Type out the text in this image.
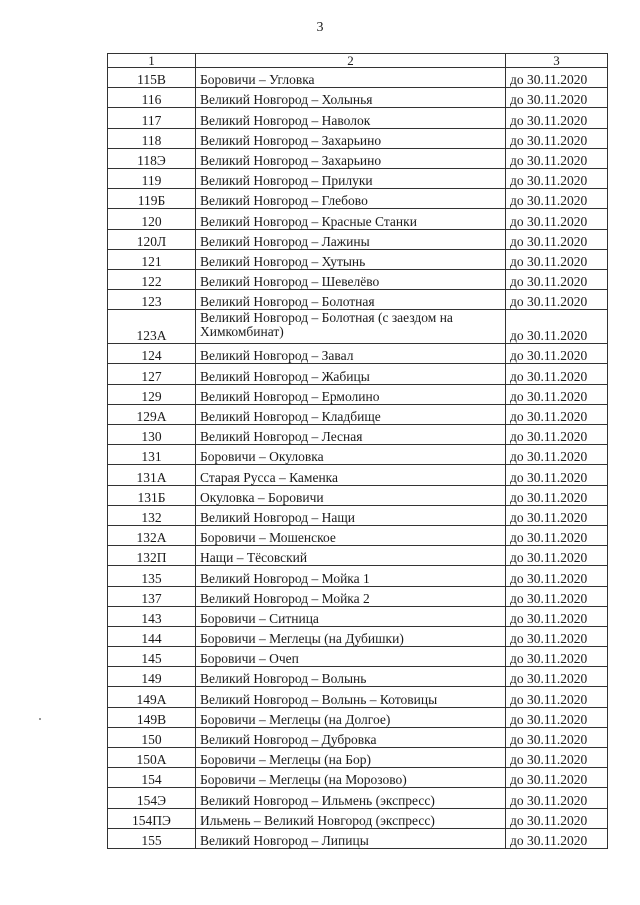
3
1	2	3
115В	Боровичи – Угловка	до 30.11.2020
116	Великий Новгород – Холынья	до 30.11.2020
117	Великий Новгород – Наволок	до 30.11.2020
118	Великий Новгород – Захарьино	до 30.11.2020
118Э	Великий Новгород – Захарьино	до 30.11.2020
119	Великий Новгород – Прилуки	до 30.11.2020
119Б	Великий Новгород – Глебово	до 30.11.2020
120	Великий Новгород – Красные Станки	до 30.11.2020
120Л	Великий Новгород – Лажины	до 30.11.2020
121	Великий Новгород – Хутынь	до 30.11.2020
122	Великий Новгород – Шевелёво	до 30.11.2020
123	Великий Новгород – Болотная	до 30.11.2020
123А	Великий Новгород – Болотная (с заездом на Химкомбинат)	до 30.11.2020
124	Великий Новгород – Завал	до 30.11.2020
127	Великий Новгород – Жабицы	до 30.11.2020
129	Великий Новгород – Ермолино	до 30.11.2020
129А	Великий Новгород – Кладбище	до 30.11.2020
130	Великий Новгород – Лесная	до 30.11.2020
131	Боровичи – Окуловка	до 30.11.2020
131А	Старая Русса – Каменка	до 30.11.2020
131Б	Окуловка – Боровичи	до 30.11.2020
132	Великий Новгород – Нащи	до 30.11.2020
132А	Боровичи – Мошенское	до 30.11.2020
132П	Нащи – Тёсовский	до 30.11.2020
135	Великий Новгород – Мойка 1	до 30.11.2020
137	Великий Новгород – Мойка 2	до 30.11.2020
143	Боровичи – Ситница	до 30.11.2020
144	Боровичи – Меглецы (на Дубишки)	до 30.11.2020
145	Боровичи – Очеп	до 30.11.2020
149	Великий Новгород – Волынь	до 30.11.2020
149А	Великий Новгород – Волынь – Котовицы	до 30.11.2020
149В	Боровичи – Меглецы (на Долгое)	до 30.11.2020
150	Великий Новгород – Дубровка	до 30.11.2020
150А	Боровичи – Меглецы (на Бор)	до 30.11.2020
154	Боровичи – Меглецы (на Морозово)	до 30.11.2020
154Э	Великий Новгород – Ильмень (экспресс)	до 30.11.2020
154ПЭ	Ильмень – Великий Новгород (экспресс)	до 30.11.2020
155	Великий Новгород – Липицы	до 30.11.2020
